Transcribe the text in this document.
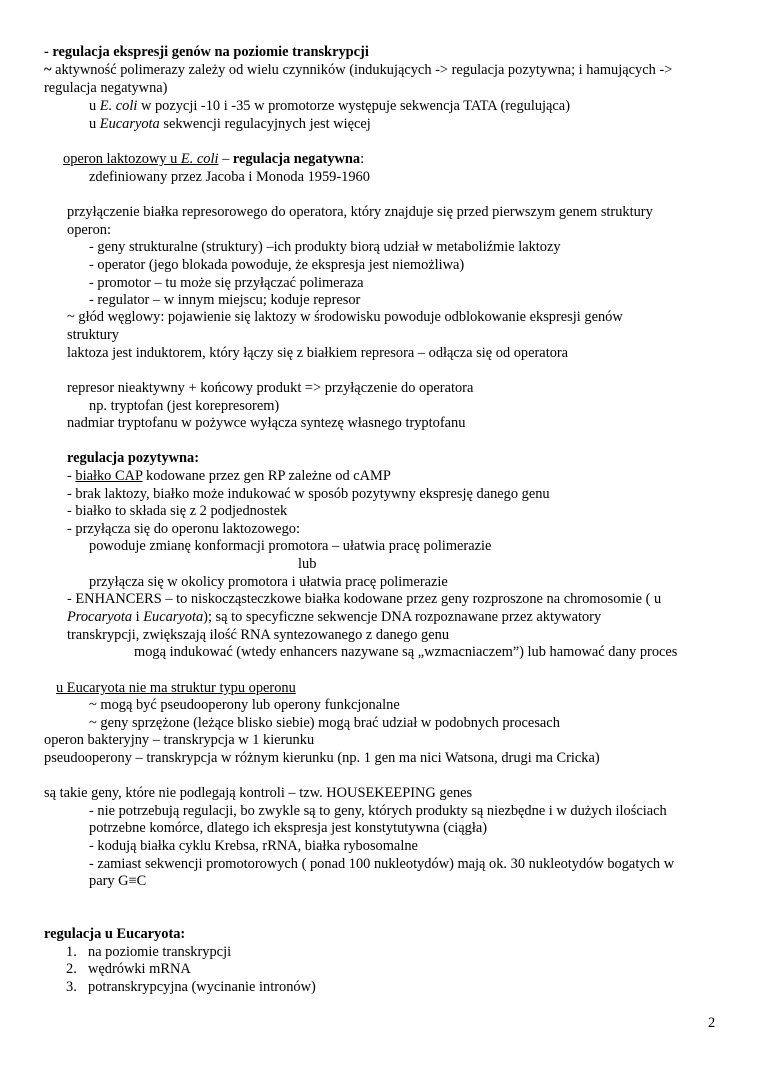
- regulacja ekspresji genów na poziomie transkrypcji
~ aktywność polimerazy zależy od wielu czynników (indukujących -> regulacja pozytywna; i hamujących ->
regulacja negatywna)
u E. coli w pozycji -10 i -35 w promotorze występuje sekwencja TATA (regulująca)
u Eucaryota sekwencji regulacyjnych jest więcej
operon laktozowy u E. coli – regulacja negatywna:
zdefiniowany przez Jacoba i Monoda 1959-1960
przyłączenie białka represorowego do operatora, który znajduje się przed pierwszym genem struktury
operon:
- geny strukturalne (struktury) –ich produkty biorą udział w metaboliźmie laktozy
- operator (jego blokada powoduje, że ekspresja jest niemożliwa)
- promotor – tu może się przyłączać polimeraza
- regulator – w innym miejscu; koduje represor
~ głód węglowy: pojawienie się laktozy w środowisku powoduje odblokowanie ekspresji genów
struktury
laktoza jest induktorem, który łączy się z białkiem represora – odłącza się od operatora
represor nieaktywny + końcowy produkt => przyłączenie do operatora
np. tryptofan (jest korepresorem)
nadmiar tryptofanu w pożywce wyłącza syntezę własnego tryptofanu
regulacja pozytywna:
- białko CAP kodowane przez gen RP zależne od cAMP
- brak laktozy, białko może indukować w sposób pozytywny ekspresję danego genu
- białko to składa się z 2 podjednostek
- przyłącza się do operonu laktozowego:
powoduje zmianę konformacji promotora – ułatwia pracę polimerazie
lub
przyłącza się w okolicy promotora i ułatwia pracę polimerazie
- ENHANCERS – to niskocząsteczkowe białka kodowane przez geny rozproszone na chromosomie ( u
Procaryota i Eucaryota); są to specyficzne sekwencje DNA rozpoznawane przez aktywatory
transkrypcji, zwiększają ilość RNA syntezowanego z danego genu
mogą indukować (wtedy enhancers nazywane są „wzmacniaczem”) lub hamować dany proces
u Eucaryota nie ma struktur typu operonu
~ mogą być pseudooperony lub operony funkcjonalne
~ geny sprzężone (leżące blisko siebie) mogą brać udział w podobnych procesach
operon bakteryjny – transkrypcja w 1 kierunku
pseudooperony – transkrypcja w różnym kierunku (np. 1 gen ma nici Watsona, drugi ma Cricka)
są takie geny, które nie podlegają kontroli – tzw. HOUSEKEEPING genes
- nie potrzebują regulacji, bo zwykle są to geny, których produkty są niezbędne i w dużych ilościach
potrzebne komórce, dlatego ich ekspresja jest konstytutywna (ciągła)
- kodują białka cyklu Krebsa, rRNA, białka rybosomalne
- zamiast sekwencji promotorowych ( ponad 100 nukleotydów) mają ok. 30 nukleotydów bogatych w
pary G≡C
regulacja u Eucaryota:
1. na poziomie transkrypcji
2. wędrówki mRNA
3. potranskrypcyjna (wycinanie intronów)
2
